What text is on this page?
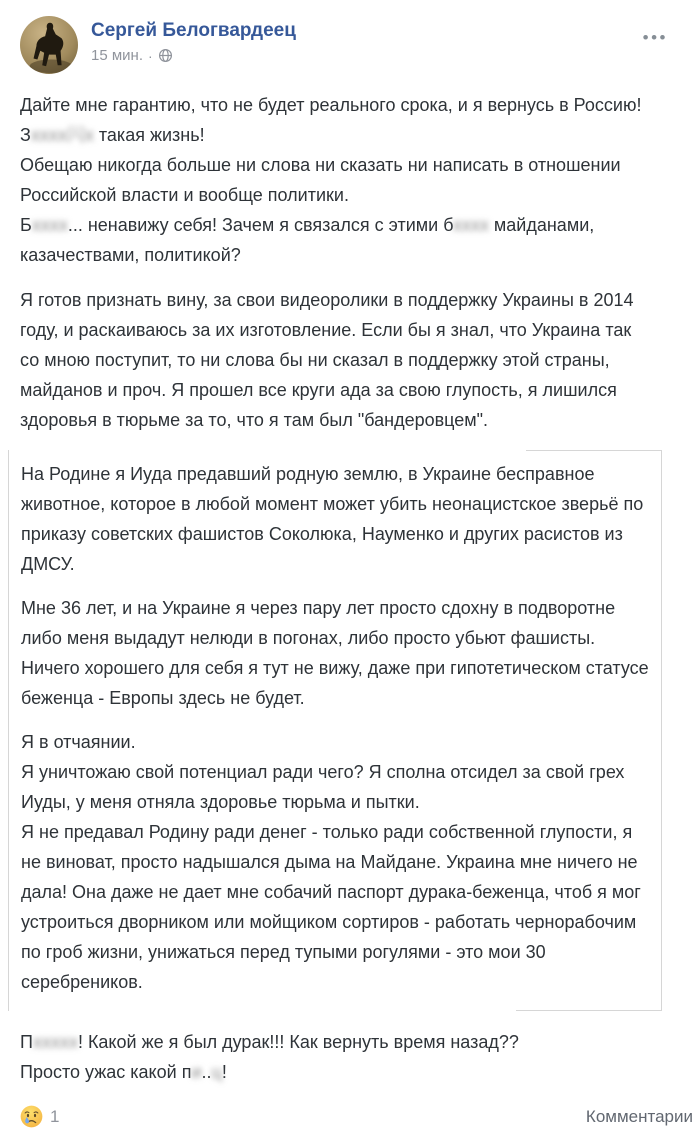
Сергей Белогвардеец
15 мин. ·
•••

Дайте мне гарантию, что не будет реального срока, и я вернусь в Россию! Зхххх闪х такая жизнь!

Обещаю никогда больше ни слова ни сказать ни написать в отношении Российской власти и вообще политики.

Бхххх... ненавижу себя! Зачем я связался с этими бхххх майданами, казачествами, политикой?

Я готов признать вину, за свои видеоролики в поддержку Украины в 2014 году, и раскаиваюсь за их изготовление. Если бы я знал, что Украина так со мною поступит, то ни слова бы ни сказал в поддержку этой страны, майданов и проч. Я прошел все круги ада за свою глупость, я лишился здоровья в тюрьме за то, что я там был "бандеровцем".

На Родине я Иуда предавший родную землю, в Украине бесправное животное, которое в любой момент может убить неонацистское зверьё по приказу советских фашистов Соколюка, Науменко и других расистов из ДМСУ.

Мне 36 лет, и на Украине я через пару лет просто сдохну в подворотне либо меня выдадут нелюди в погонах, либо просто убьют фашисты. Ничего хорошего для себя я тут не вижу, даже при гипотетическом статусе беженца - Европы здесь не будет.

Я в отчаянии.

Я уничтожаю свой потенциал ради чего? Я сполна отсидел за свой грех Иуды, у меня отняла здоровье тюрьма и пытки.

Я не предавал Родину ради денег - только ради собственной глупости, я не виноват, просто надышался дыма на Майдане. Украина мне ничего не дала! Она даже не дает мне собачий паспорт дурака-беженца, чтоб я мог устроиться дворником или мойщиком сортиров - работать чернорабочим по гроб жизни, унижаться перед тупыми рогулями - это мои 30 серебреников.

Пххххх! Какой же я был дурак!!! Как вернуть время назад??

Просто ужас какой пи..ц!

1	Комментарии
